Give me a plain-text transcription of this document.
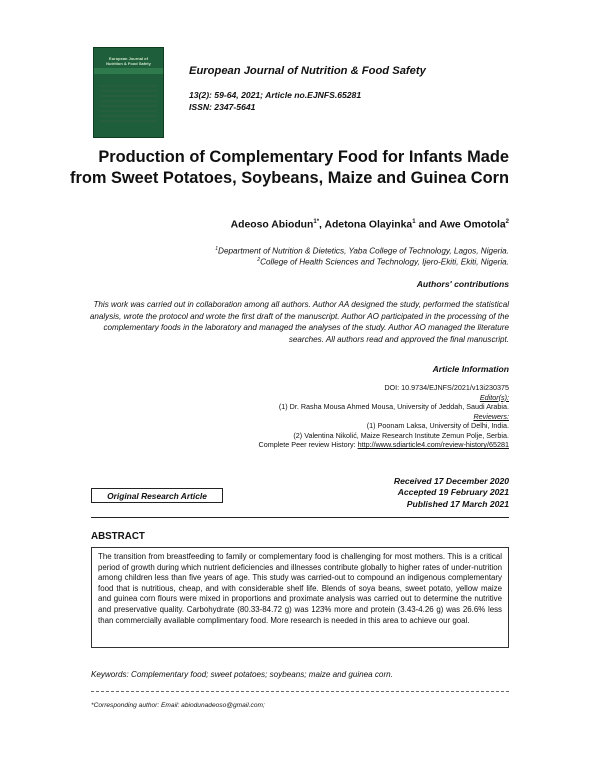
European Journal of
Nutrition & Food Safety
European Journal of Nutrition & Food Safety
13(2): 59-64, 2021; Article no.EJNFS.65281
ISSN: 2347-5641
Production of Complementary Food for Infants Made from Sweet Potatoes, Soybeans, Maize and Guinea Corn
Adeoso Abiodun$^{1*}$, Adetona Olayinka$^1$ and Awe Omotola$^2$
$^1$Department of Nutrition & Dietetics, Yaba College of Technology, Lagos, Nigeria.
$^2$College of Health Sciences and Technology, Ijero-Ekiti, Ekiti, Nigeria.
Authors' contributions
This work was carried out in collaboration among all authors. Author AA designed the study, performed the statistical analysis, wrote the protocol and wrote the first draft of the manuscript. Author AO participated in the processing of the complementary foods in the laboratory and managed the analyses of the study. Author AO managed the literature searches. All authors read and approved the final manuscript.
Article Information
DOI: 10.9734/EJNFS/2021/v13i230375
Editor(s):
(1) Dr. Rasha Mousa Ahmed Mousa, University of Jeddah, Saudi Arabia.
Reviewers:
(1) Poonam Laksa, University of Delhi, India.
(2) Valentina Nikolić, Maize Research Institute Zemun Polje, Serbia.
Complete Peer review History: http://www.sdiarticle4.com/review-history/65281
Received 17 December 2020
Accepted 19 February 2021
Published 17 March 2021
Original Research Article
ABSTRACT
The transition from breastfeeding to family or complementary food is challenging for most mothers. This is a critical period of growth during which nutrient deficiencies and illnesses contribute globally to higher rates of under-nutrition among children less than five years of age. This study was carried-out to compound an indigenous complementary food that is nutritious, cheap, and with considerable shelf life. Blends of soya beans, sweet potato, yellow maize and guinea corn flours were mixed in proportions and proximate analysis was carried out to determine the nutritive and preservative quality. Carbohydrate (80.33-84.72 g) was 123% more and protein (3.43-4.26 g) was 26.6% less than commercially available complimentary food. More research is needed in this area to achieve our goal.
Keywords: Complementary food; sweet potatoes; soybeans; maize and guinea corn.
*Corresponding author: Email: abiodunadeoso@gmail.com;
